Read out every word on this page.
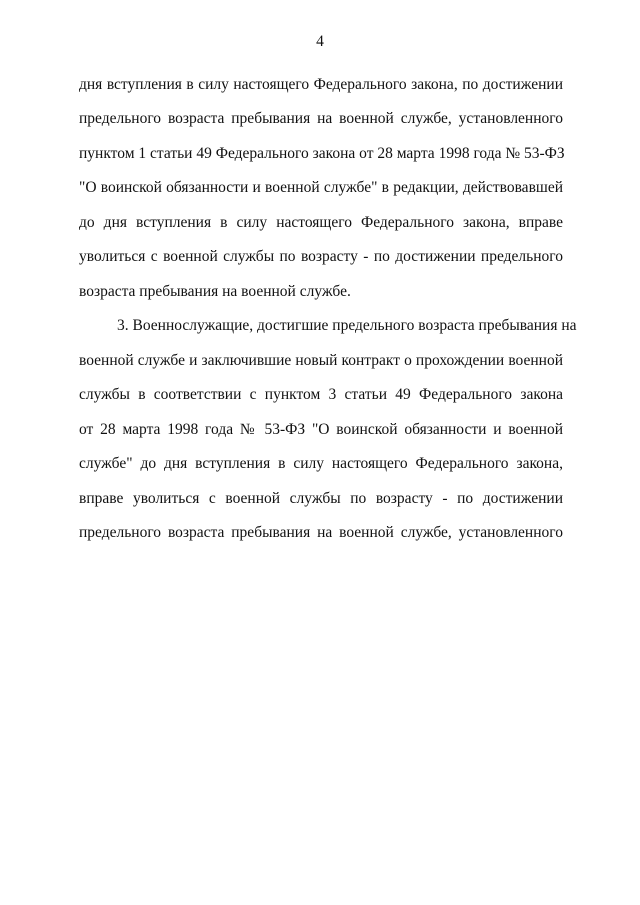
4
дня вступления в силу настоящего Федерального закона, по достижении
предельного возраста пребывания на военной службе, установленного
пунктом 1 статьи 49 Федерального закона от 28 марта 1998 года № 53-ФЗ
"О воинской обязанности и военной службе" в редакции, действовавшей
до дня вступления в силу настоящего Федерального закона, вправе
уволиться с военной службы по возрасту - по достижении предельного
возраста пребывания на военной службе.
3. Военнослужащие, достигшие предельного возраста пребывания на
военной службе и заключившие новый контракт о прохождении военной
службы в соответствии с пунктом 3 статьи 49 Федерального закона
от 28 марта 1998 года № 53-ФЗ "О воинской обязанности и военной
службе" до дня вступления в силу настоящего Федерального закона,
вправе уволиться с военной службы по возрасту - по достижении
предельного возраста пребывания на военной службе, установленного
